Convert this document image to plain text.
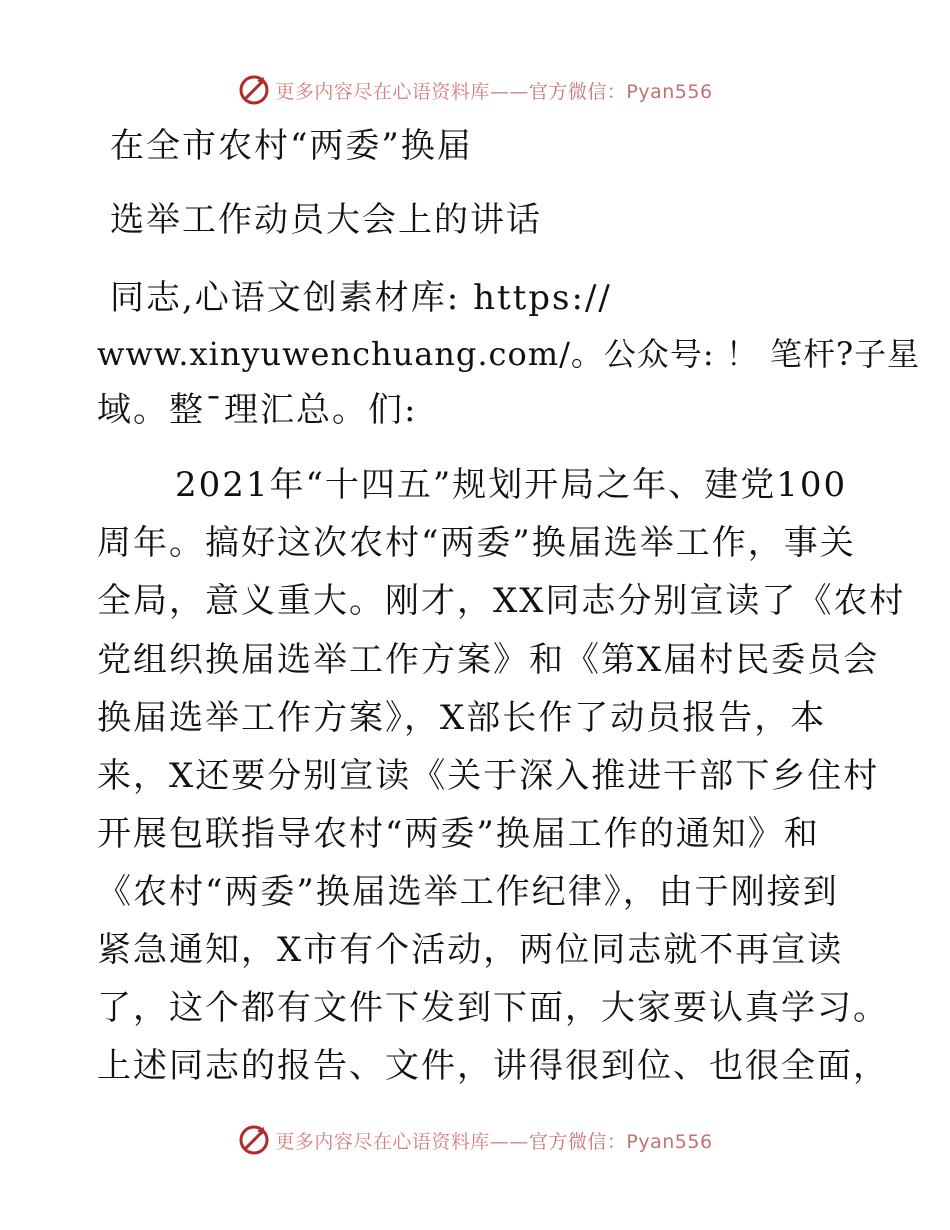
更多内容尽在心语资料库——官方微信：Pyan556
在全市农村“两委”换届
选举工作动员大会上的讲话
同志,心语文创素材库: https://
www.xinyuwenchuang.com/。公众号: ！ 笔杆?子星
域。整¯理汇总。们:
2021年“十四五”规划开局之年、建党100
周年。搞好这次农村“两委”换届选举工作，事关
全局，意义重大。刚才，XX同志分别宣读了《农村
党组织换届选举工作方案》和《第X届村民委员会
换届选举工作方案》，X部长作了动员报告，本
来，X还要分别宣读《关于深入推进干部下乡住村
开展包联指导农村“两委”换届工作的通知》和
《农村“两委”换届选举工作纪律》，由于刚接到
紧急通知，X市有个活动，两位同志就不再宣读
了，这个都有文件下发到下面，大家要认真学习。
上述同志的报告、文件，讲得很到位、也很全面，
更多内容尽在心语资料库——官方微信：Pyan556
